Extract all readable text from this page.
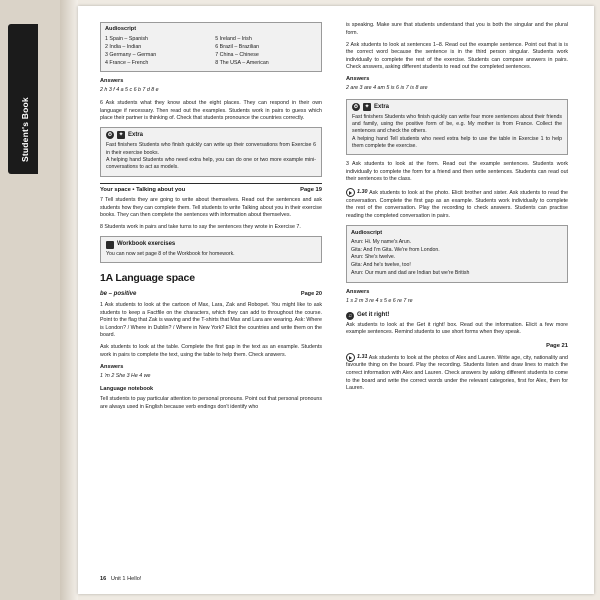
Student's Book
Audioscript
1 Spain – Spanish	5 Ireland – Irish
2 India – Indian	6 Brazil – Brazilian
3 Germany – German	7 China – Chinese
4 France – French	8 The USA – American
Answers
2 h 3 f 4 a 5 c 6 b 7 d 8 e

6 Ask students what they know about the eight places. They can respond in their own language if necessary. Then read out the examples. Students work in pairs to guess which place their partner is thinking of. Check that students pronounce the countries correctly.

⏱	✦ Extra
Fast finishers Students who finish quickly can write up their conversations from Exercise 6 in their exercise books.
A helping hand Students who need extra help, you can do one or two more example mini-conversations to act as models.
Your space • Talking about you	Page 19

7 Tell students they are going to write about themselves. Read out the sentences and ask students how they can complete them. Tell students to write Talking about you in their exercise books. They can then complete the sentences with information about themselves.

8 Students work in pairs and take turns to say the sentences they wrote in Exercise 7.

Workbook exercises
You can now set page 8 of the Workbook for homework.
1A Language space
be – positive	Page 20

1 Ask students to look at the cartoon of Max, Lara, Zak and Robopet. You might like to ask students to keep a Factfile on the characters, which they can add to throughout the course. Point to the flag that Zak is waving and the T-shirts that Max and Lara are wearing. Ask: Where is London? / Where in Dublin? / Where in New York? Elicit the countries and write them on the board.

Ask students to look at the table. Complete the first gap in the text as an example. Students work in pairs to complete the text, using the table to help them. Check answers.

Answers
1 'm 2 She 3 He 4 we
Language notebook

Tell students to pay particular attention to personal pronouns. Point out that personal pronouns are always used in English because verb endings don't identify who

is speaking. Make sure that students understand that you is both the singular and the plural form.

2 Ask students to look at sentences 1–8. Read out the example sentence. Point out that is is the correct word because the sentence is in the third person singular. Students work individually to complete the rest of the exercise. Students can compare answers in pairs. Check answers, asking different students to read out the completed sentences.

Answers
2 are 3 are 4 am 5 is 6 is 7 is 8 are
⏱	✦ Extra
Fast finishers Students who finish quickly can write four more sentences about their friends and family, using the positive form of be, e.g. My mother is from France. Collect the sentences and check the others.
A helping hand Tell students who need extra help to use the table in Exercise 1 to help them complete the exercise.

3 Ask students to look at the form. Read out the example sentences. Students work individually to complete the form for a friend and then write sentences. Students can read out their sentences to the class.

1.30 Ask students to look at the photo. Elicit brother and sister. Ask students to read the conversation. Complete the first gap as an example. Students work individually to complete the rest of the conversation. Play the recording to check answers. Students can practise reading the completed conversation in pairs.

Audioscript
Arun: Hi. My name's Arun.
Gita: And I'm Gita. We're from London.
Arun: She's twelve.
Gita: And he's twelve, too!
Arun: Our mum and dad are Indian but we're British
Answers
1 s 2 m 3 re 4 s 5 e 6 re 7 re
♫ Get it right!

Ask students to look at the Get it right! box. Read out the information. Elicit a few more example sentences. Remind students to use short forms when they speak.

Page 21

1.31 Ask students to look at the photos of Alex and Lauren. Write age, city, nationality and favourite thing on the board. Play the recording. Students listen and draw lines to match the correct information with Alex and Lauren. Check answers by asking different students to come to the board and write the correct words under the relevant categories, first for Alex, then for Lauren.

16 Unit 1 Hello!
